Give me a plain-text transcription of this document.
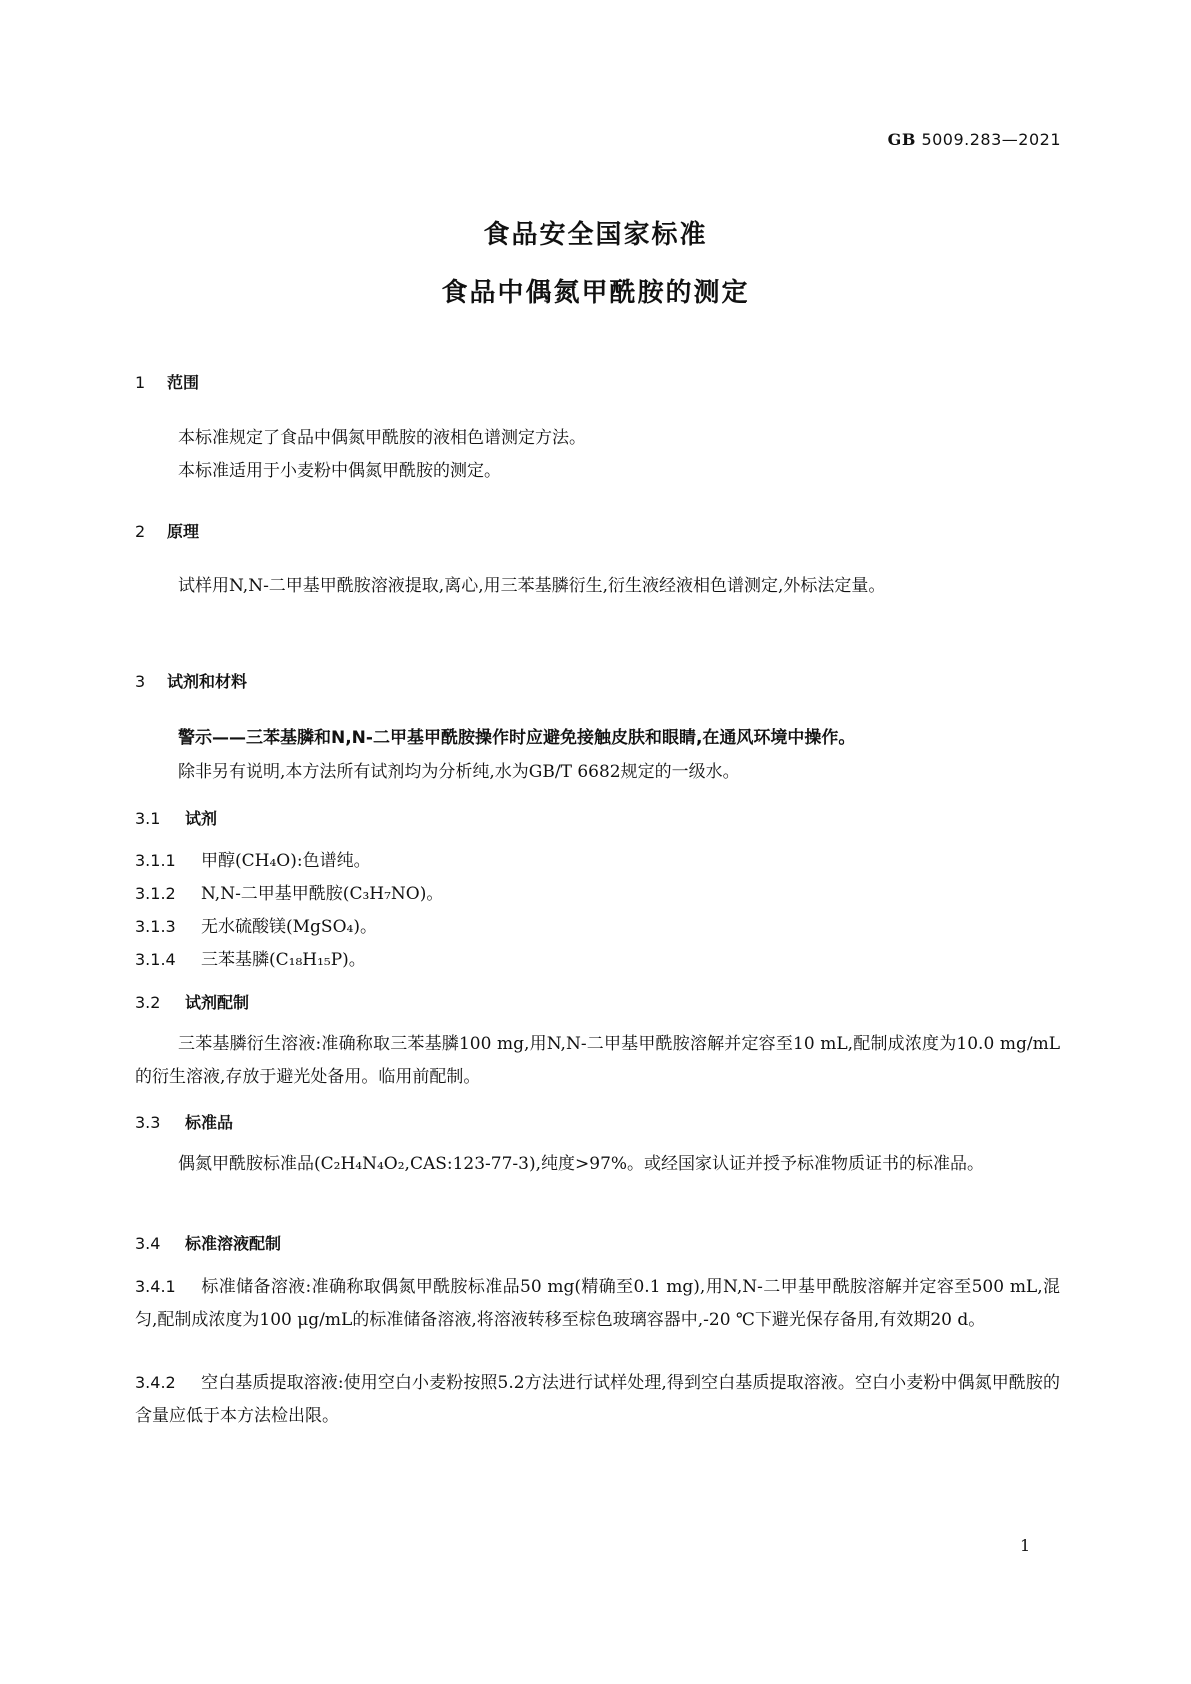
GB 5009.283—2021
食品安全国家标准
食品中偶氮甲酰胺的测定
1 范围
本标准规定了食品中偶氮甲酰胺的液相色谱测定方法。
本标准适用于小麦粉中偶氮甲酰胺的测定。
2 原理
试样用N,N-二甲基甲酰胺溶液提取,离心,用三苯基膦衍生,衍生液经液相色谱测定,外标法定量。
3 试剂和材料
警示——三苯基膦和N,N-二甲基甲酰胺操作时应避免接触皮肤和眼睛,在通风环境中操作。
除非另有说明,本方法所有试剂均为分析纯,水为GB/T 6682规定的一级水。
3.1 试剂
3.1.1 甲醇(CH₄O):色谱纯。
3.1.2 N,N-二甲基甲酰胺(C₃H₇NO)。
3.1.3 无水硫酸镁(MgSO₄)。
3.1.4 三苯基膦(C₁₈H₁₅P)。
3.2 试剂配制
三苯基膦衍生溶液:准确称取三苯基膦100 mg,用N,N-二甲基甲酰胺溶解并定容至10 mL,配制成浓度为10.0 mg/mL的衍生溶液,存放于避光处备用。临用前配制。
3.3 标准品
偶氮甲酰胺标准品(C₂H₄N₄O₂,CAS:123-77-3),纯度>97%。或经国家认证并授予标准物质证书的标准品。
3.4 标准溶液配制
3.4.1 标准储备溶液:准确称取偶氮甲酰胺标准品50 mg(精确至0.1 mg),用N,N-二甲基甲酰胺溶解并定容至500 mL,混匀,配制成浓度为100 μg/mL的标准储备溶液,将溶液转移至棕色玻璃容器中,-20 ℃下避光保存备用,有效期20 d。
3.4.2 空白基质提取溶液:使用空白小麦粉按照5.2方法进行试样处理,得到空白基质提取溶液。空白小麦粉中偶氮甲酰胺的含量应低于本方法检出限。
1
